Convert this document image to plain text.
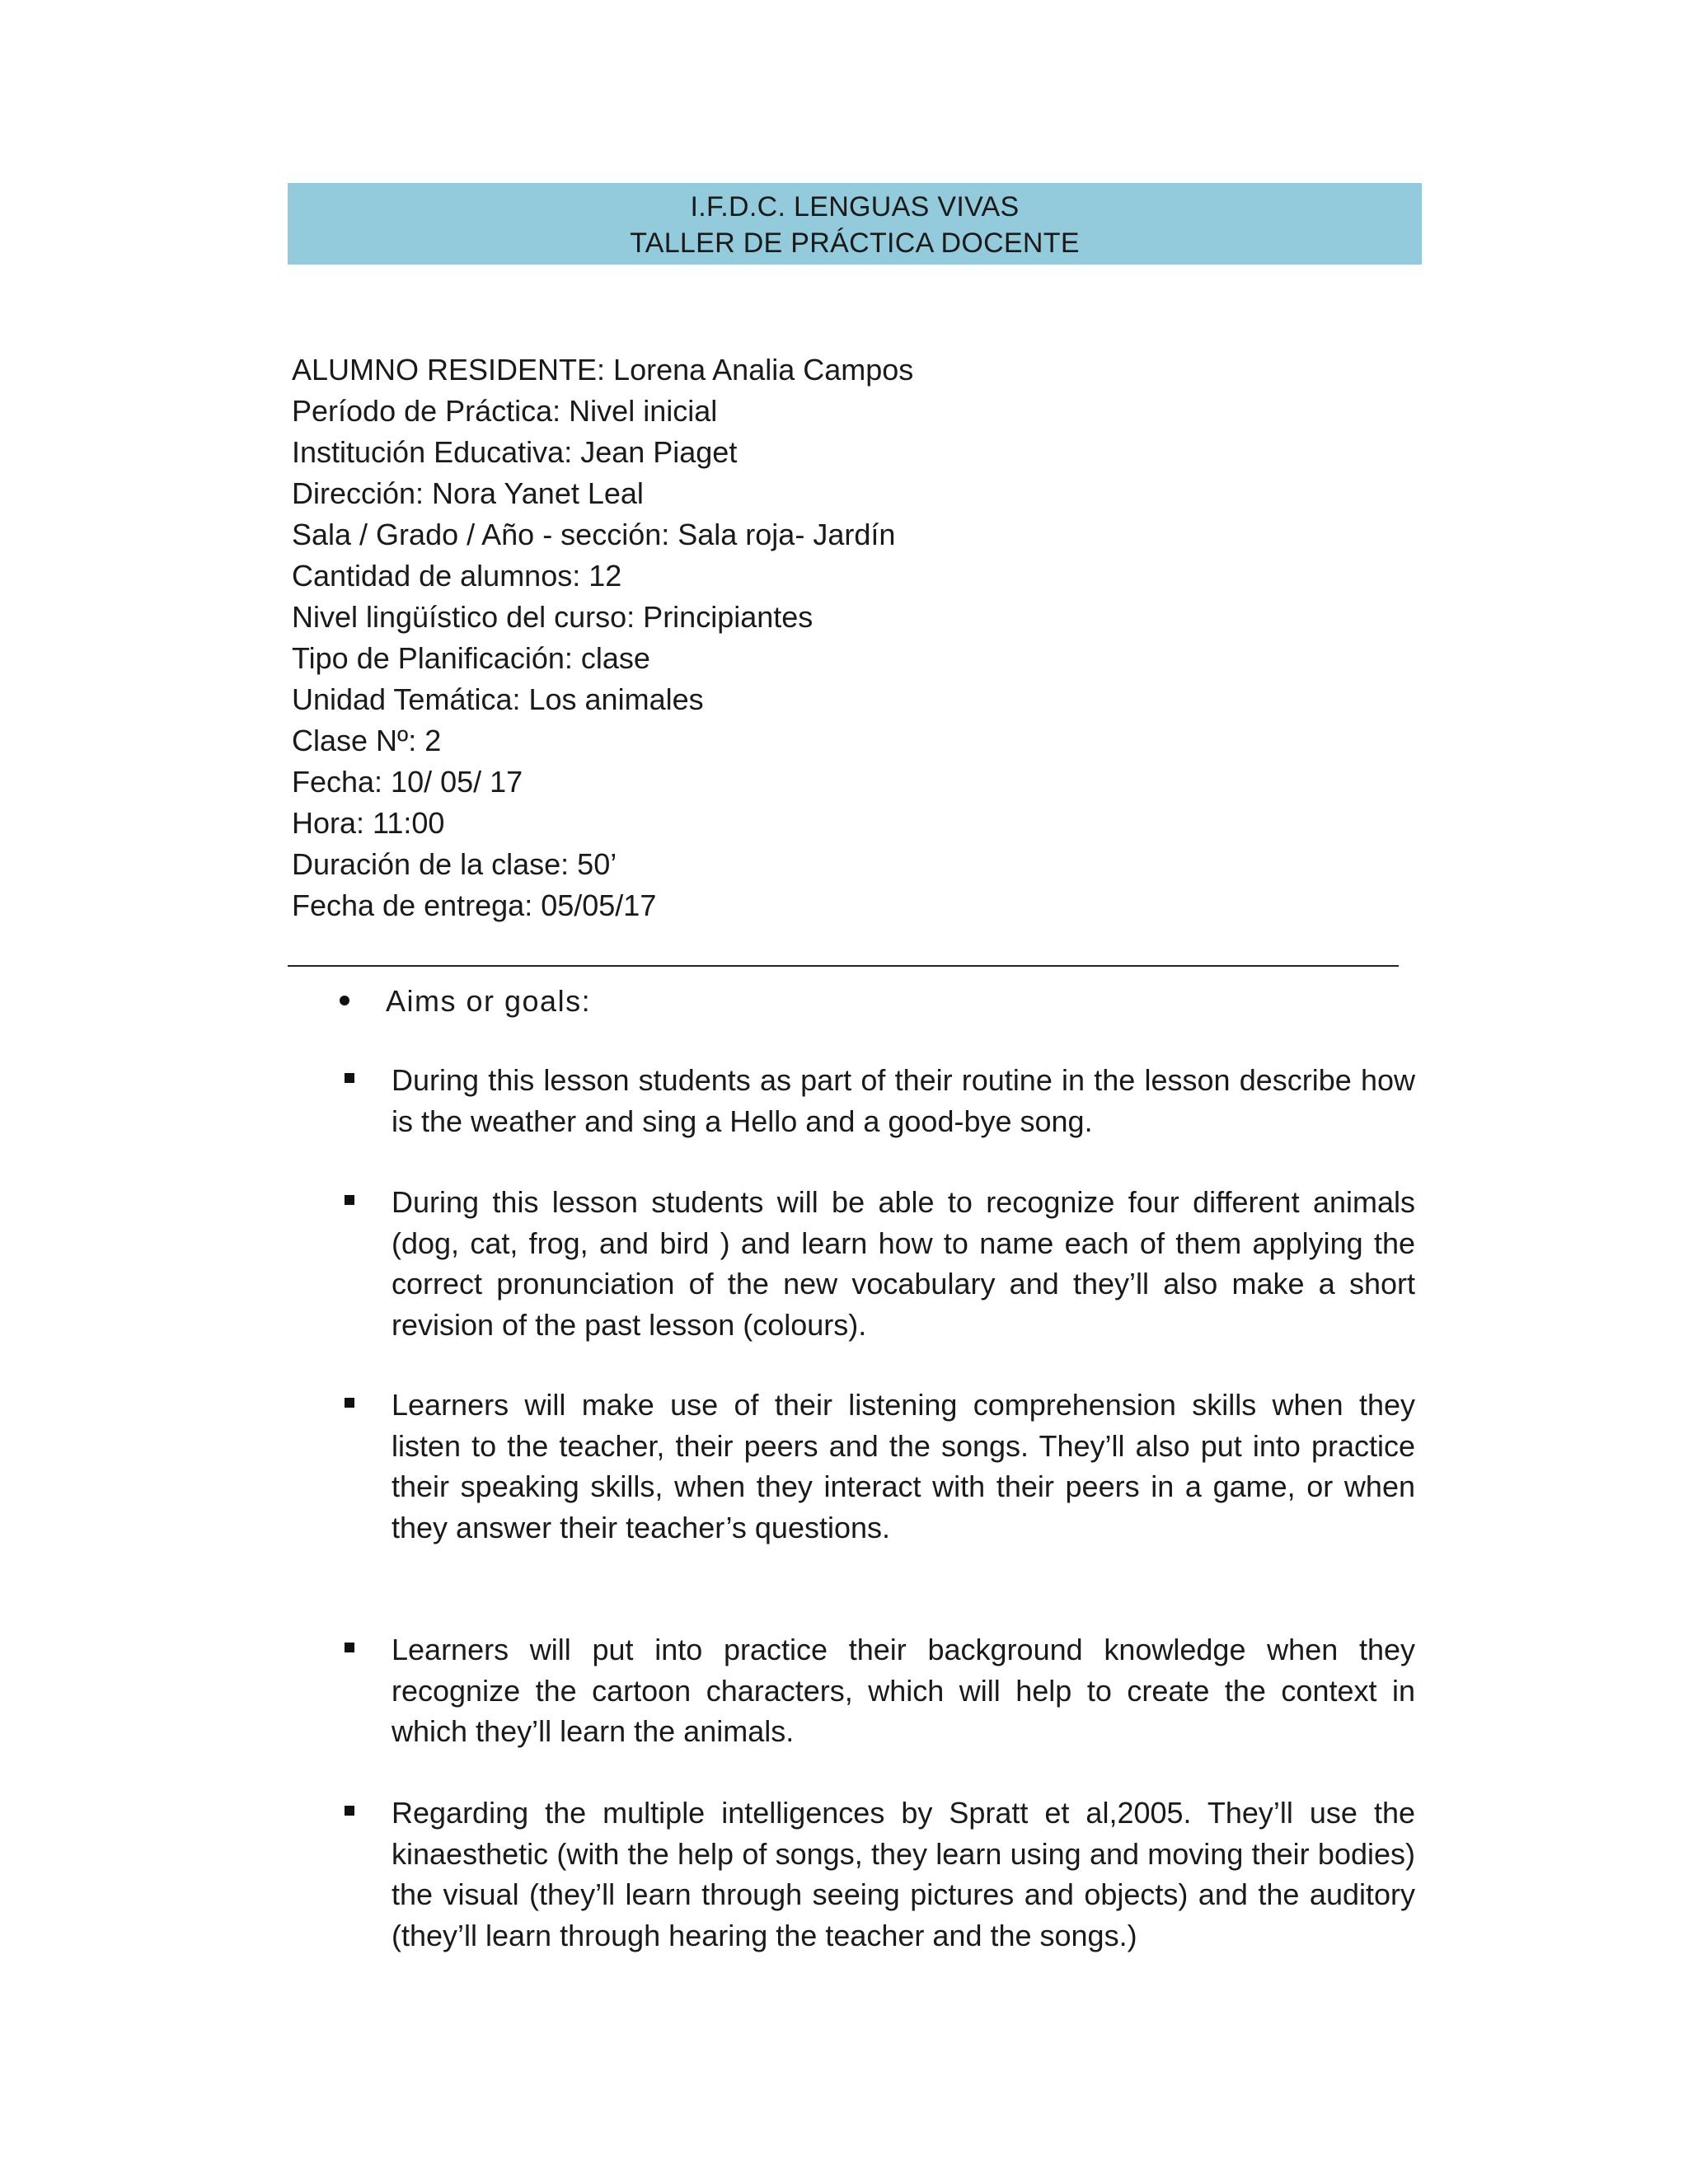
I.F.D.C. LENGUAS VIVAS
TALLER DE PRÁCTICA DOCENTE
ALUMNO RESIDENTE: Lorena Analia Campos
Período de Práctica: Nivel inicial
Institución Educativa: Jean Piaget
Dirección: Nora Yanet Leal
Sala / Grado / Año - sección: Sala roja- Jardín
Cantidad de alumnos: 12
Nivel lingüístico del curso: Principiantes
Tipo de Planificación: clase
Unidad Temática: Los animales
Clase Nº: 2
Fecha: 10/ 05/ 17
Hora: 11:00
Duración de la clase: 50’
Fecha de entrega: 05/05/17
Aims or goals:
During this lesson students as part of their routine in the lesson describe how is the weather and sing a Hello and a good-bye song.
During this lesson students will be able to recognize four different animals (dog, cat, frog, and bird ) and learn how to name each of them applying the correct pronunciation of the new vocabulary and they’ll also make a short revision of the past lesson (colours).
Learners will make use of their listening comprehension skills when they listen to the teacher, their peers and the songs. They’ll also put into practice their speaking skills, when they interact with their peers in a game, or when they answer their teacher’s questions.
Learners will put into practice their background knowledge when they recognize the cartoon characters, which will help to create the context in which they’ll learn the animals.
Regarding the multiple intelligences by Spratt et al,2005. They’ll use the kinaesthetic (with the help of songs, they learn using and moving their bodies) the visual (they’ll learn through seeing pictures and objects) and the auditory (they’ll learn through hearing the teacher and the songs.)
